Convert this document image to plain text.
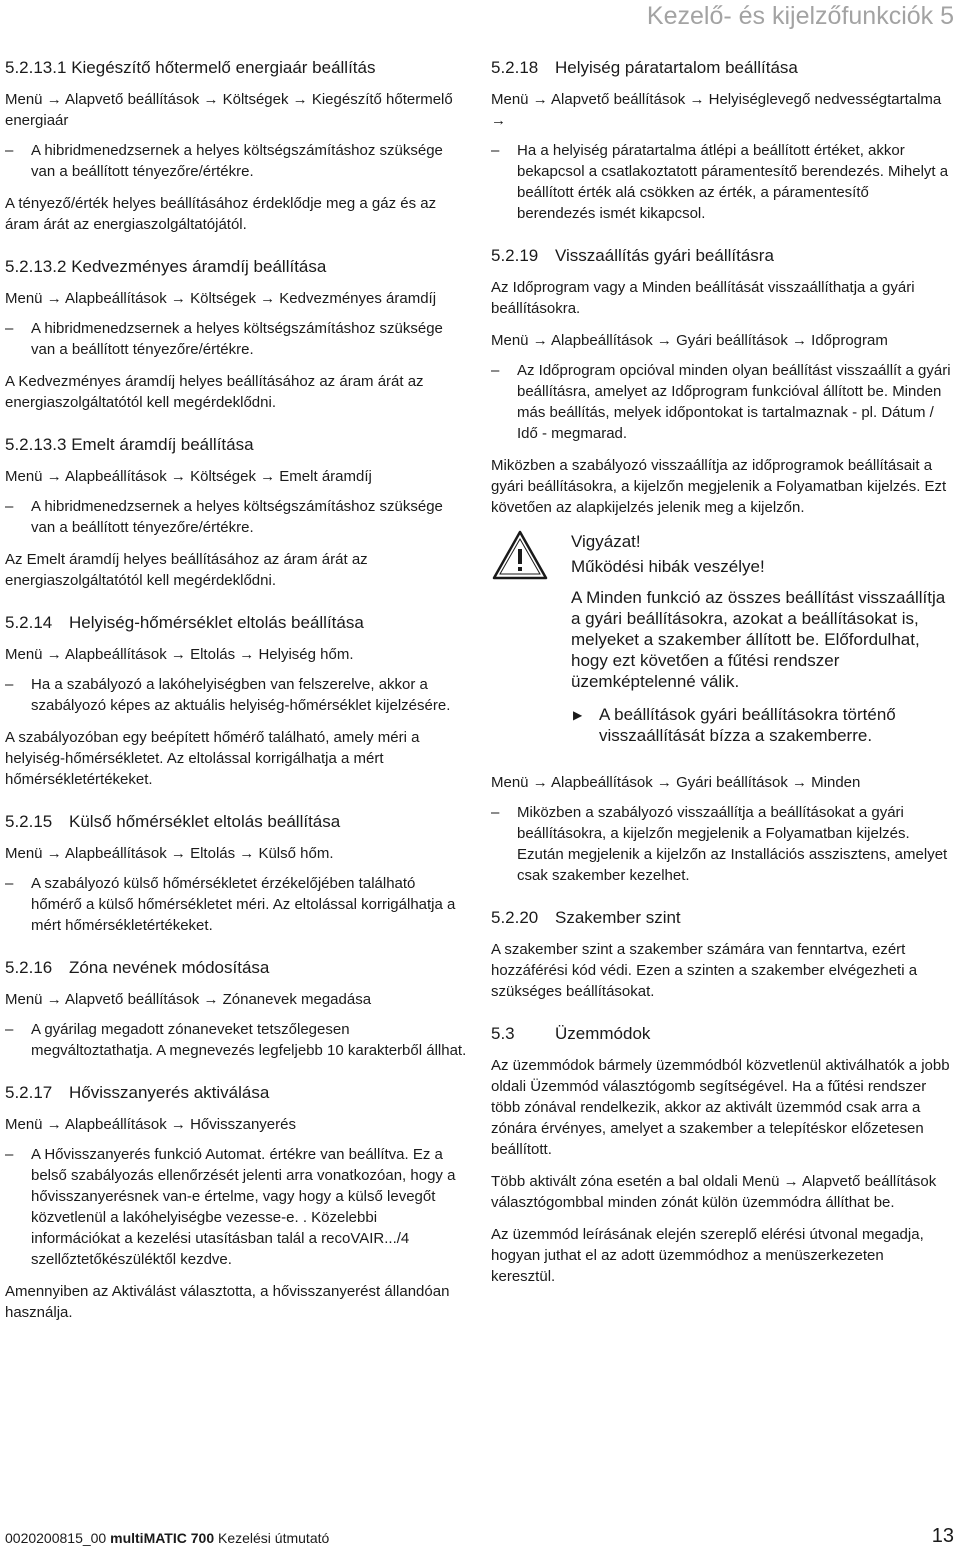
Kezelő- és kijelzőfunkciók 5
5.2.13.1 Kiegészítő hőtermelő energiaár beállítás
Menü → Alapvető beállítások → Költségek → Kiegészítő hőtermelő energiaár
– A hibridmenedzsernek a helyes költségszámításhoz szüksége van a beállított tényezőre/értékre.

A tényező/érték helyes beállításához érdeklődje meg a gáz és az áram árát az energiaszolgáltatójától.

5.2.13.2 Kedvezményes áramdíj beállítása
Menü → Alapbeállítások → Költségek → Kedvezményes áramdíj
– A hibridmenedzsernek a helyes költségszámításhoz szüksége van a beállított tényezőre/értékre.

A Kedvezményes áramdíj helyes beállításához az áram árát az energiaszolgáltatótól kell megérdeklődni.

5.2.13.3 Emelt áramdíj beállítása
Menü → Alapbeállítások → Költségek → Emelt áramdíj
– A hibridmenedzsernek a helyes költségszámításhoz szüksége van a beállított tényezőre/értékre.

Az Emelt áramdíj helyes beállításához az áram árát az energiaszolgáltatótól kell megérdeklődni.

5.2.14 Helyiség-hőmérséklet eltolás beállítása
Menü → Alapbeállítások → Eltolás → Helyiség hőm.
– Ha a szabályozó a lakóhelyiségben van felszerelve, akkor a szabályozó képes az aktuális helyiség-hőmérséklet kijelzésére.

A szabályozóban egy beépített hőmérő található, amely méri a helyiség-hőmérsékletet. Az eltolással korrigálhatja a mért hőmérsékletértékeket.

5.2.15 Külső hőmérséklet eltolás beállítása
Menü → Alapbeállítások → Eltolás → Külső hőm.
– A szabályozó külső hőmérsékletet érzékelőjében található hőmérő a külső hőmérsékletet méri. Az eltolással korrigálhatja a mért hőmérsékletértékeket.
5.2.16 Zóna nevének módosítása
Menü → Alapvető beállítások → Zónanevek megadása
– A gyárilag megadott zónaneveket tetszőlegesen megváltoztathatja. A megnevezés legfeljebb 10 karakterből állhat.
5.2.17 Hővisszanyerés aktiválása
Menü → Alapbeállítások → Hővisszanyerés
– A Hővisszanyerés funkció Automat. értékre van beállítva. Ez a belső szabályozás ellenőrzését jelenti arra vonatkozóan, hogy a hővisszanyerésnek van-e értelme, vagy hogy a külső levegőt közvetlenül a lakóhelyiségbe vezesse-e. . Közelebbi információkat a kezelési utasításban talál a recoVAIR.../4 szellőztetőkészüléktől kezdve.

Amennyiben az Aktiválást választotta, a hővisszanyerést állandóan használja.

5.2.18 Helyiség páratartalom beállítása
Menü → Alapvető beállítások → Helyiséglevegő nedvességtartalma →
– Ha a helyiség páratartalma átlépi a beállított értéket, akkor bekapcsol a csatlakoztatott páramentesítő berendezés. Mihelyt a beállított érték alá csökken az érték, a páramentesítő berendezés ismét kikapcsol.
5.2.19 Visszaállítás gyári beállításra

Az Időprogram vagy a Minden beállítását visszaállíthatja a gyári beállításokra.

Menü → Alapbeállítások → Gyári beállítások → Időprogram
– Az Időprogram opcióval minden olyan beállítást visszaállít a gyári beállításra, amelyet az Időprogram funkcióval állított be. Minden más beállítás, melyek időpontokat is tartalmaznak - pl. Dátum / Idő - megmarad.

Miközben a szabályozó visszaállítja az időprogramok beállításait a gyári beállításokra, a kijelzőn megjelenik a Folyamatban kijelzés. Ezt követően az alapkijelzés jelenik meg a kijelzőn.

Vigyázat!
Működési hibák veszélye!
A Minden funkció az összes beállítást visszaállítja a gyári beállításokra, azokat a beállításokat is, melyeket a szakember állított be. Előfordulhat, hogy ezt követően a fűtési rendszer üzemképtelenné válik.
▶ A beállítások gyári beállításokra történő visszaállítását bízza a szakemberre.
Menü → Alapbeállítások → Gyári beállítások → Minden
– Miközben a szabályozó visszaállítja a beállításokat a gyári beállításokra, a kijelzőn megjelenik a Folyamatban kijelzés. Ezután megjelenik a kijelzőn az Installációs asszisztens, amelyet csak szakember kezelhet.
5.2.20 Szakember szint

A szakember szint a szakember számára van fenntartva, ezért hozzáférési kód védi. Ezen a szinten a szakember elvégezheti a szükséges beállításokat.

5.3 Üzemmódok

Az üzemmódok bármely üzemmódból közvetlenül aktiválhatók a jobb oldali Üzemmód választógomb segítségével. Ha a fűtési rendszer több zónával rendelkezik, akkor az aktivált üzemmód csak arra a zónára érvényes, amelyet a szakember a telepítéskor előzetesen beállított.

Több aktivált zóna esetén a bal oldali Menü → Alapvető beállítások választógombbal minden zónát külön üzemmódra állíthat be.

Az üzemmód leírásának elején szereplő elérési útvonal megadja, hogyan juthat el az adott üzemmódhoz a menüszerkezeten keresztül.

0020200815_00 multiMATIC 700 Kezelési útmutató	13
